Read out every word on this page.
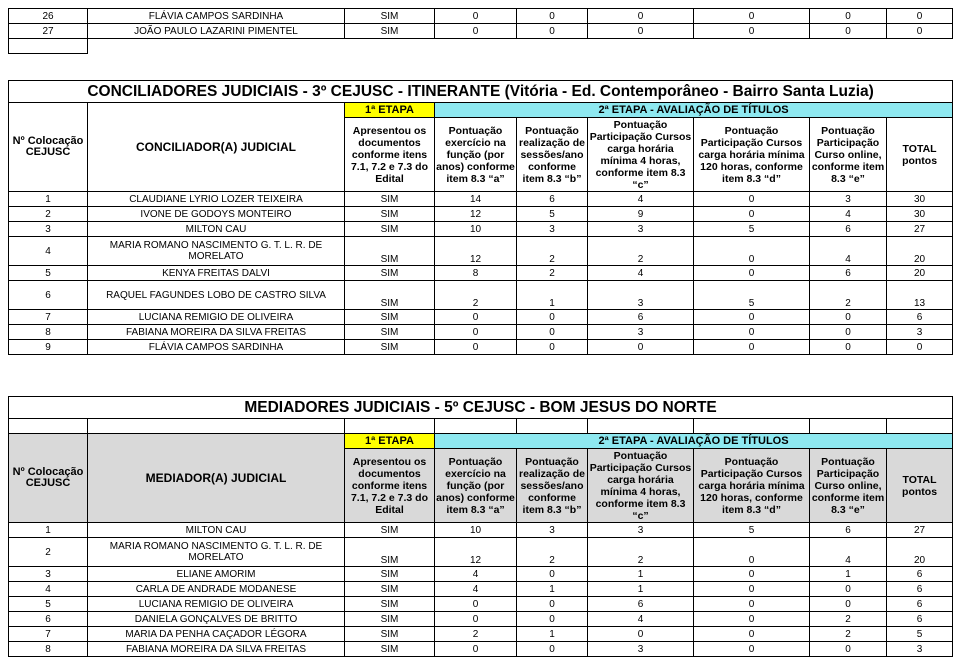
26	FLÁVIA CAMPOS SARDINHA	SIM	0	0	0	0	0	0
27	JOÃO PAULO LAZARINI PIMENTEL	SIM	0	0	0	0	0	0

CONCILIADORES JUDICIAIS - 3º CEJUSC - ITINERANTE (Vitória - Ed. Contemporâneo - Bairro Santa Luzia)								
Nº Colocação CEJUSC	CONCILIADOR(A) JUDICIAL	1ª ETAPA	2ª ETAPA - AVALIAÇÃO DE TÍTULOS					
		Apresentou os documentos conforme itens 7.1, 7.2 e 7.3 do Edital	Pontuação exercício na função (por anos) conforme item 8.3 “a”	Pontuação realização de sessões/ano conforme item 8.3 “b”	Pontuação Participação Cursos carga horária mínima 4 horas, conforme item 8.3 “c”	Pontuação Participação Cursos carga horária mínima 120 horas, conforme item 8.3 “d”	Pontuação Participação Curso online, conforme item 8.3 “e”	TOTAL pontos
1	CLAUDIANE LYRIO LOZER TEIXEIRA	SIM	14	6	4	0	3	30
2	IVONE DE GODOYS MONTEIRO	SIM	12	5	9	0	4	30
3	MILTON CAU	SIM	10	3	3	5	6	27
4	MARIA ROMANO NASCIMENTO G. T. L. R. DE MORELATO	SIM	12	2	2	0	4	20
5	KENYA FREITAS DALVI	SIM	8	2	4	0	6	20
6	RAQUEL FAGUNDES LOBO DE CASTRO SILVA	SIM	2	1	3	5	2	13
7	LUCIANA REMIGIO DE OLIVEIRA	SIM	0	0	6	0	0	6
8	FABIANA MOREIRA DA SILVA FREITAS	SIM	0	0	3	0	0	3
9	FLÁVIA CAMPOS SARDINHA	SIM	0	0	0	0	0	0
MEDIADORES JUDICIAIS - 5º CEJUSC - BOM JESUS DO NORTE								

Nº Colocação CEJUSC	MEDIADOR(A) JUDICIAL	1ª ETAPA	2ª ETAPA - AVALIAÇÃO DE TÍTULOS					
		Apresentou os documentos conforme itens 7.1, 7.2 e 7.3 do Edital	Pontuação exercício na função (por anos) conforme item 8.3 “a”	Pontuação realização de sessões/ano conforme item 8.3 “b”	Pontuação Participação Cursos carga horária mínima 4 horas, conforme item 8.3 “c”	Pontuação Participação Cursos carga horária mínima 120 horas, conforme item 8.3 “d”	Pontuação Participação Curso online, conforme item 8.3 “e”	TOTAL pontos
1	MILTON CAU	SIM	10	3	3	5	6	27
2	MARIA ROMANO NASCIMENTO G. T. L. R. DE MORELATO	SIM	12	2	2	0	4	20
3	ELIANE AMORIM	SIM	4	0	1	0	1	6
4	CARLA DE ANDRADE MODANESE	SIM	4	1	1	0	0	6
5	LUCIANA REMIGIO DE OLIVEIRA	SIM	0	0	6	0	0	6
6	DANIELA GONÇALVES DE BRITTO	SIM	0	0	4	0	2	6
7	MARIA DA PENHA CAÇADOR LÉGORA	SIM	2	1	0	0	2	5
8	FABIANA MOREIRA DA SILVA FREITAS	SIM	0	0	3	0	0	3
